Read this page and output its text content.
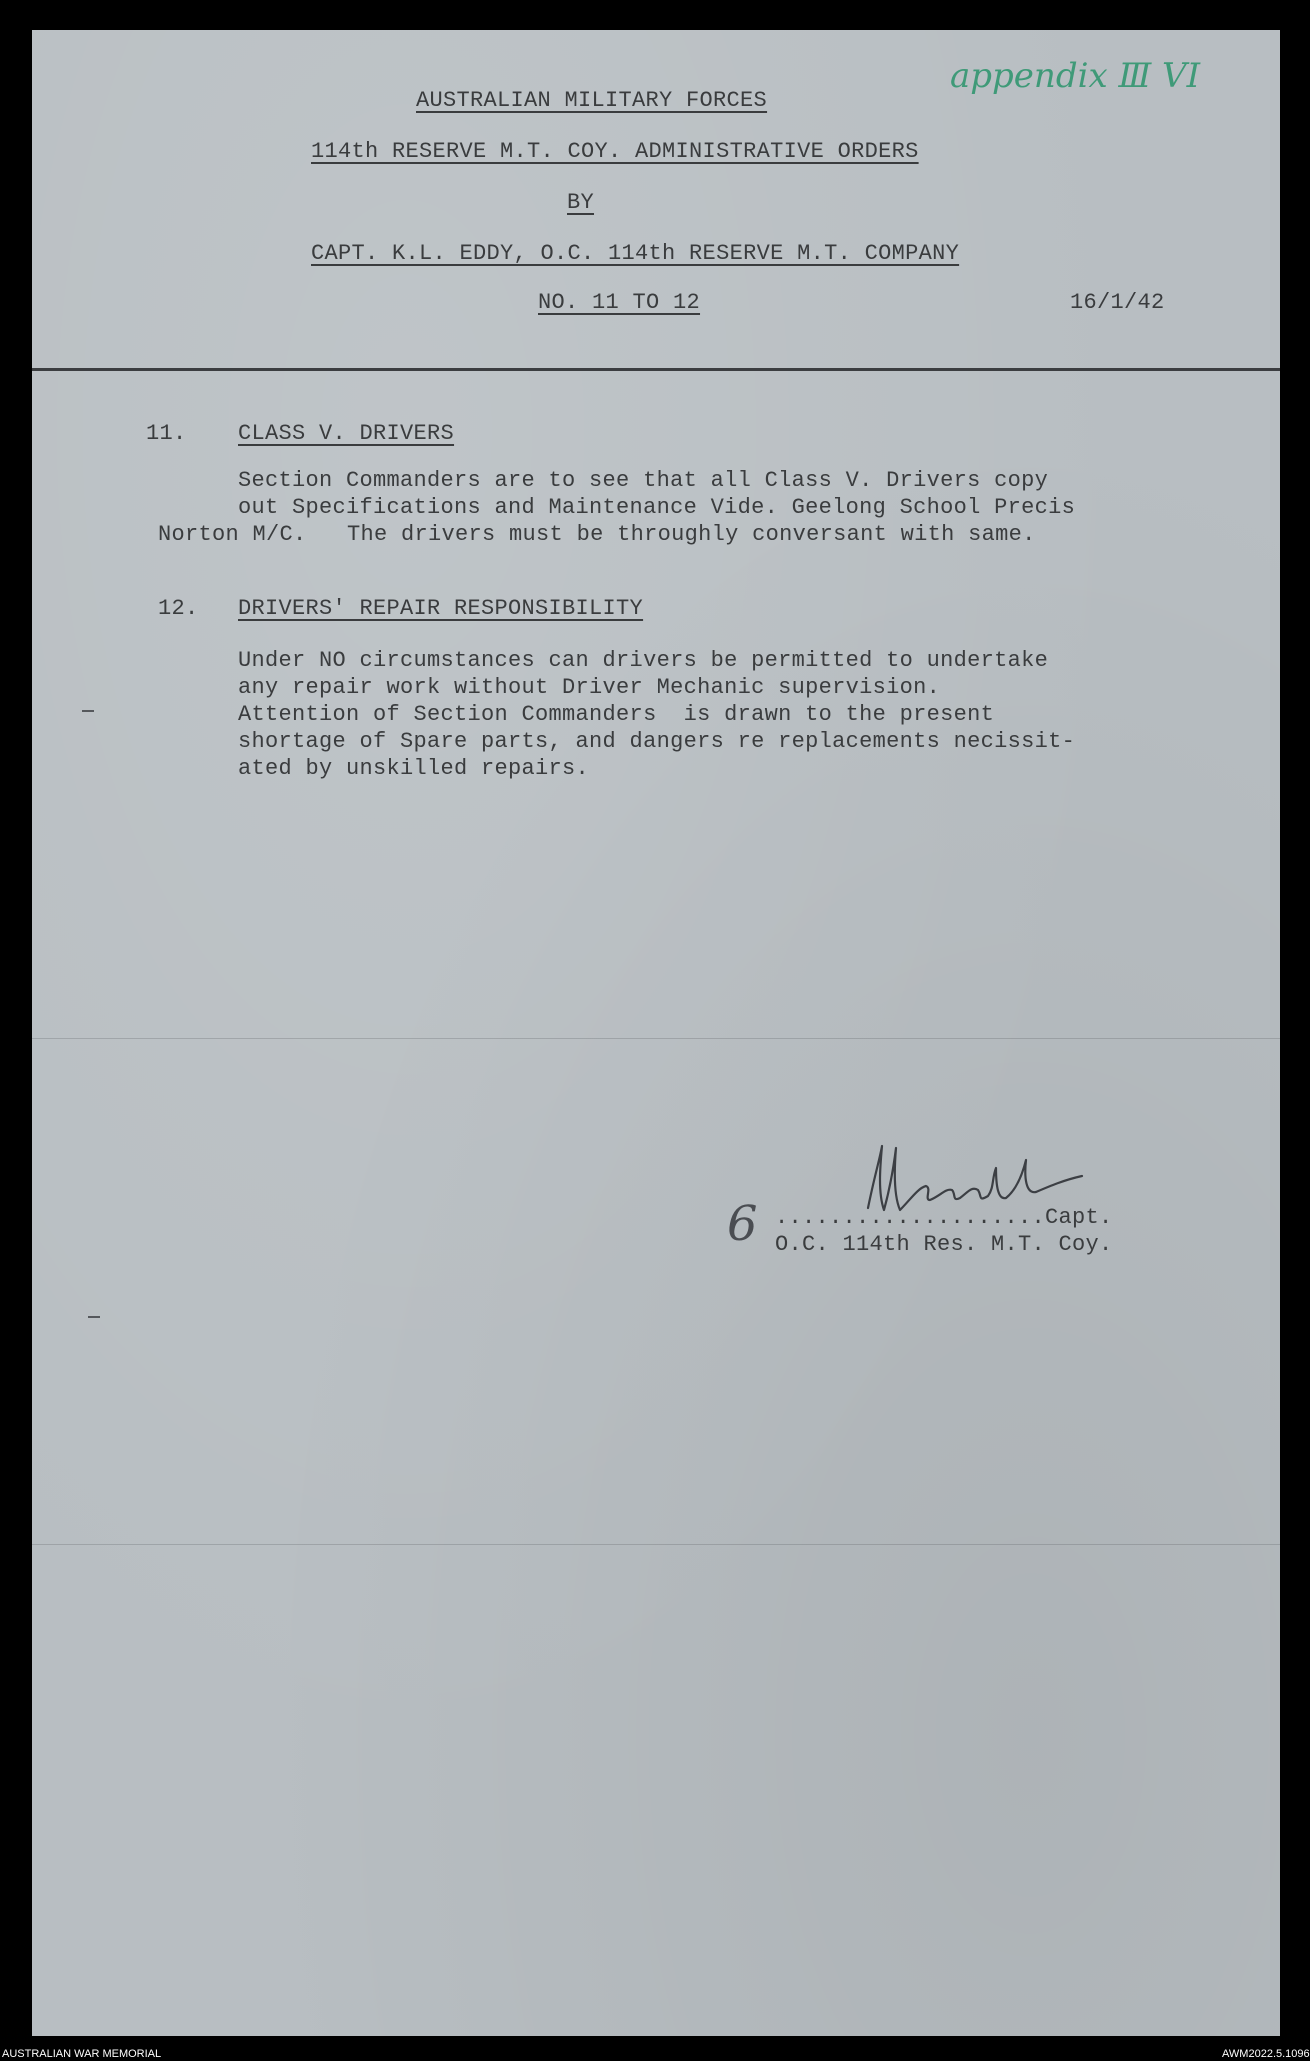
appendix Ⅲ VI
AUSTRALIAN MILITARY FORCES
114th RESERVE M.T. COY. ADMINISTRATIVE ORDERS
BY
CAPT. K.L. EDDY, O.C. 114th RESERVE M.T. COMPANY
NO. 11 TO 12	16/1/42
11. CLASS V. DRIVERS
Section Commanders are to see that all Class V. Drivers copy
out Specifications and Maintenance Vide. Geelong School Precis
Norton M/C.   The drivers must be throughly conversant with same.
12. DRIVERS' REPAIR RESPONSIBILITY
Under NO circumstances can drivers be permitted to undertake
any repair work without Driver Mechanic supervision.
Attention of Section Commanders  is drawn to the present
shortage of Spare parts, and dangers re replacements necissit-
ated by unskilled repairs.
6 ....................Capt.
O.C. 114th Res. M.T. Coy.
AUSTRALIAN WAR MEMORIAL	AWM2022.5.1096
